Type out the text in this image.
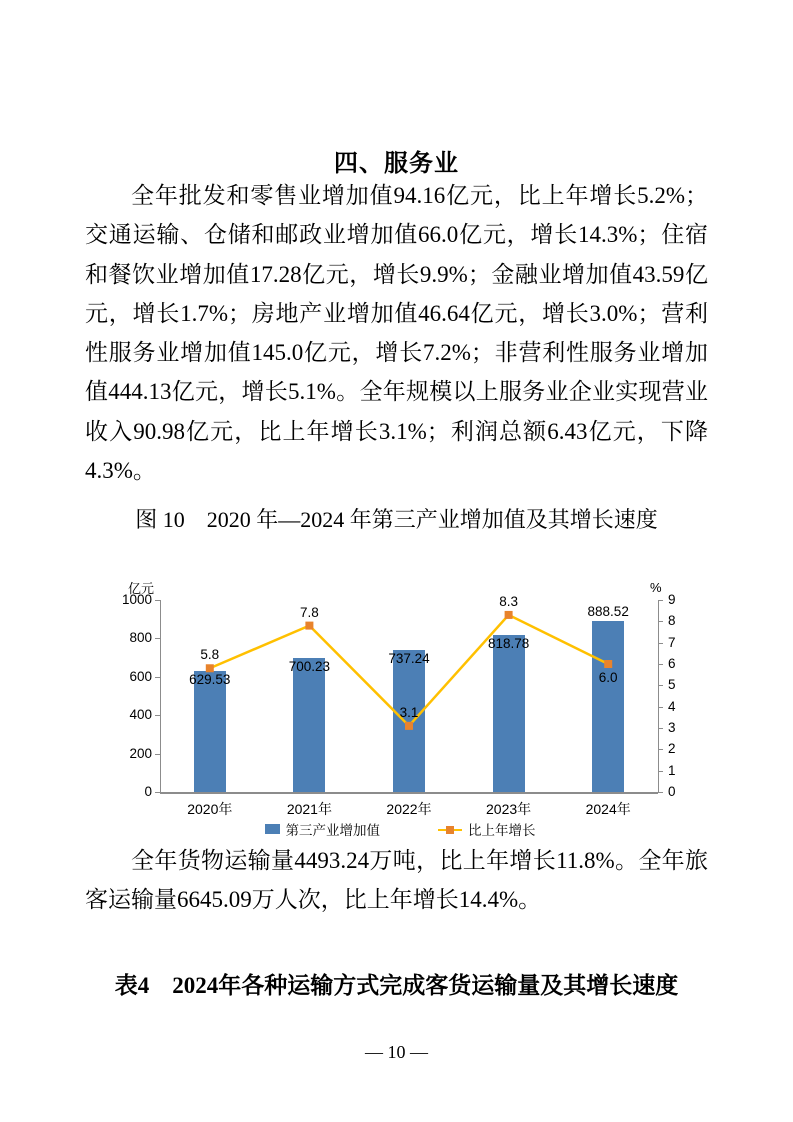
四、服务业

全年批发和零售业增加值94.16亿元，比上年增长5.2%；交通运输、仓储和邮政业增加值66.0亿元，增长14.3%；住宿和餐饮业增加值17.28亿元，增长9.9%；金融业增加值43.59亿元，增长1.7%；房地产业增加值46.64亿元，增长3.0%；营利性服务业增加值145.0亿元，增长7.2%；非营利性服务业增加值444.13亿元，增长5.1%。全年规模以上服务业企业实现营业收入90.98亿元，比上年增长3.1%；利润总额6.43亿元，下降4.3%。

图 10　2020 年—2024 年第三产业增加值及其增长速度
亿元	%
0
200
400
600
800
1000
0
1
2
3
4
5
6
7
8
9
2020年	2021年	2022年	2023年	2024年
629.53
700.23	737.24
818.78
888.52
5.8
7.8
3.1
8.3
6.0
第三产业增加值	比上年增长

全年货物运输量4493.24万吨，比上年增长11.8%。全年旅客运输量6645.09万人次，比上年增长14.4%。

表4　2024年各种运输方式完成客货运输量及其增长速度
— 10 —
